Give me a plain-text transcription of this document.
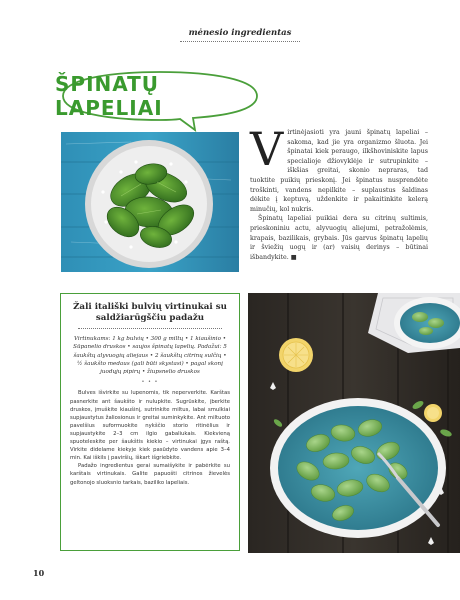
mėnesio ingredientas
ŠPINATŲ LAPELIAI
V irtinėjasioti yra jauni špinatų lapeliai – sakoma, kad jie yra organizmo šluota. Jei špinatai kiek peraugo, ilkšhoviniskite lapus specialioje džiovyklėje ir sutrupinkite – iškšias greitai, skonio nepraras, tad tuoktite puikių prieskonį. Jei špinatus nusprendėte troškinti, vandens nepilkite – suplaustus šaldinas dėkite į keptuvą, uždenkite ir pakaitinkite kelerą minučių, kol nukris.

Špinatų lapeliai puikiai dera su citrinų sultimis, prieskoniniu actu, alyvuogių aliejumi, petražolėmis, krapais, bazilikais, grybais. Jūs garvus špinatų lapelių ir šviežių uogų ir (ar) vaisių derinys – būtinai išbandykite. ■

Žali itališki bulvių virtinukai su saldžiarūgščiu padažu
Virtinukams: 1 kg bulvių • 300 g miltų • 1 kiaušinio • Sūpanelio druskos • saujos špinatų lapelių. Padažui: 5 šaukštų alyvuogių aliejaus • 2 šaukštų citrinų sulčių • ½ šaukšto medaus (gali būti skystasi) • pagal skonį juodųjų pipirų • žiupsnelio druskos
• • •

Bulves išvirkite su lupenomis, tik neperverkite. Karštas pasnerkite ant šaukšto ir nulupkite. Sugrūskite, įberkite druskos, įmuškite kiaušinį, sutrinkite miltus, labai smulkiai supjaustytus žaliosionus ir greitai suminkykite. Ant miltuoto pavelšius suformuokite nykščio storio ritinėlius ir supjaustykite 2–3 cm ilgio gabaliukais. Kiekvieną spuoteleskite per šaukštis kiekio – virtinukai įgys raštą. Virkite didelame kiekyje kiek pasūdyto vandens apie 3–4 min. Kai iškils į paviršių, iškart išgriebkite.

Padažo ingredientus gerai sumaišykite ir pabėrkite su karštais virtinukais. Galite papuošti citrinos žievelės geltonojo sluoksnio tarkais, baziliko lapeliais.

10
